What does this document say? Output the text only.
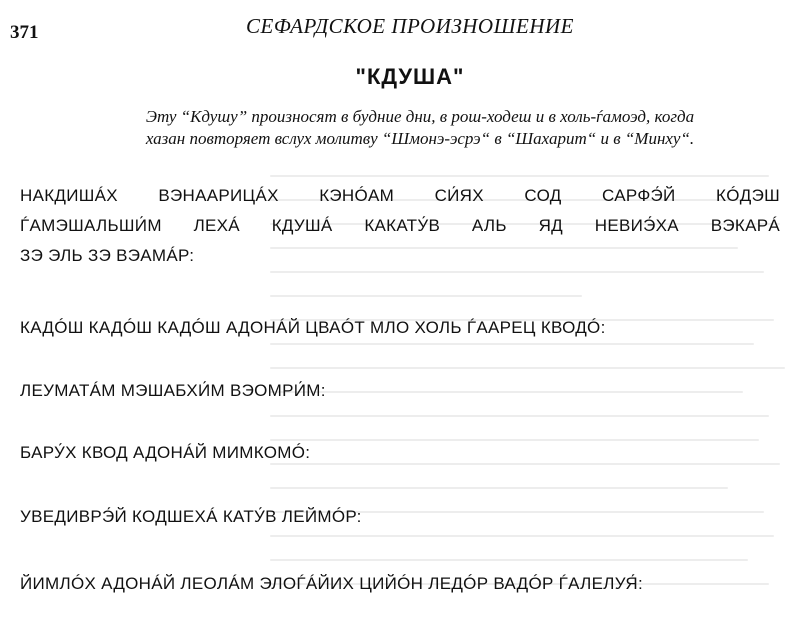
371	СЕФАРДСКОЕ ПРОИЗНОШЕНИЕ
"КДУША"
Эту “Кдушу” произносят в будние дни, в рош-ходеш и в холь-ѓамоэд, когда
хазан повторяет вслух молитву “Шмонэ-эсрэ“ в “Шахарит“ и в “Минху“.
НАКДИШÁХ ВЭНААРИЦÁХ КЭНÓАМ СИ́ЯХ СОД САРФЭ́Й КÓДЭШ
ЃАМЭШАЛЬШИ́М ЛЕХÁ КДУШÁ КАКАТУ́В АЛЬ ЯД НЕВИЭ́ХА ВЭКАРÁ
ЗЭ ЭЛЬ ЗЭ ВЭАМÁР:
КАДÓШ КАДÓШ КАДÓШ АДОНÁЙ ЦВАÓТ МЛО ХОЛЬ ЃААРЕЦ КВОДÓ:
ЛЕУМАТÁМ МЭШАБХИ́М ВЭОМРИ́М:
БАРУ́Х КВОД АДОНÁЙ МИМКОМÓ:
УВЕДИВРЭ́Й КОДШЕХÁ КАТУ́В ЛЕЙМÓР:
ЙИМЛÓХ АДОНÁЙ ЛЕОЛÁМ ЭЛОЃÁЙИХ ЦИЙÓН ЛЕДÓР ВАДÓР ЃАЛЕЛУЯ́:
